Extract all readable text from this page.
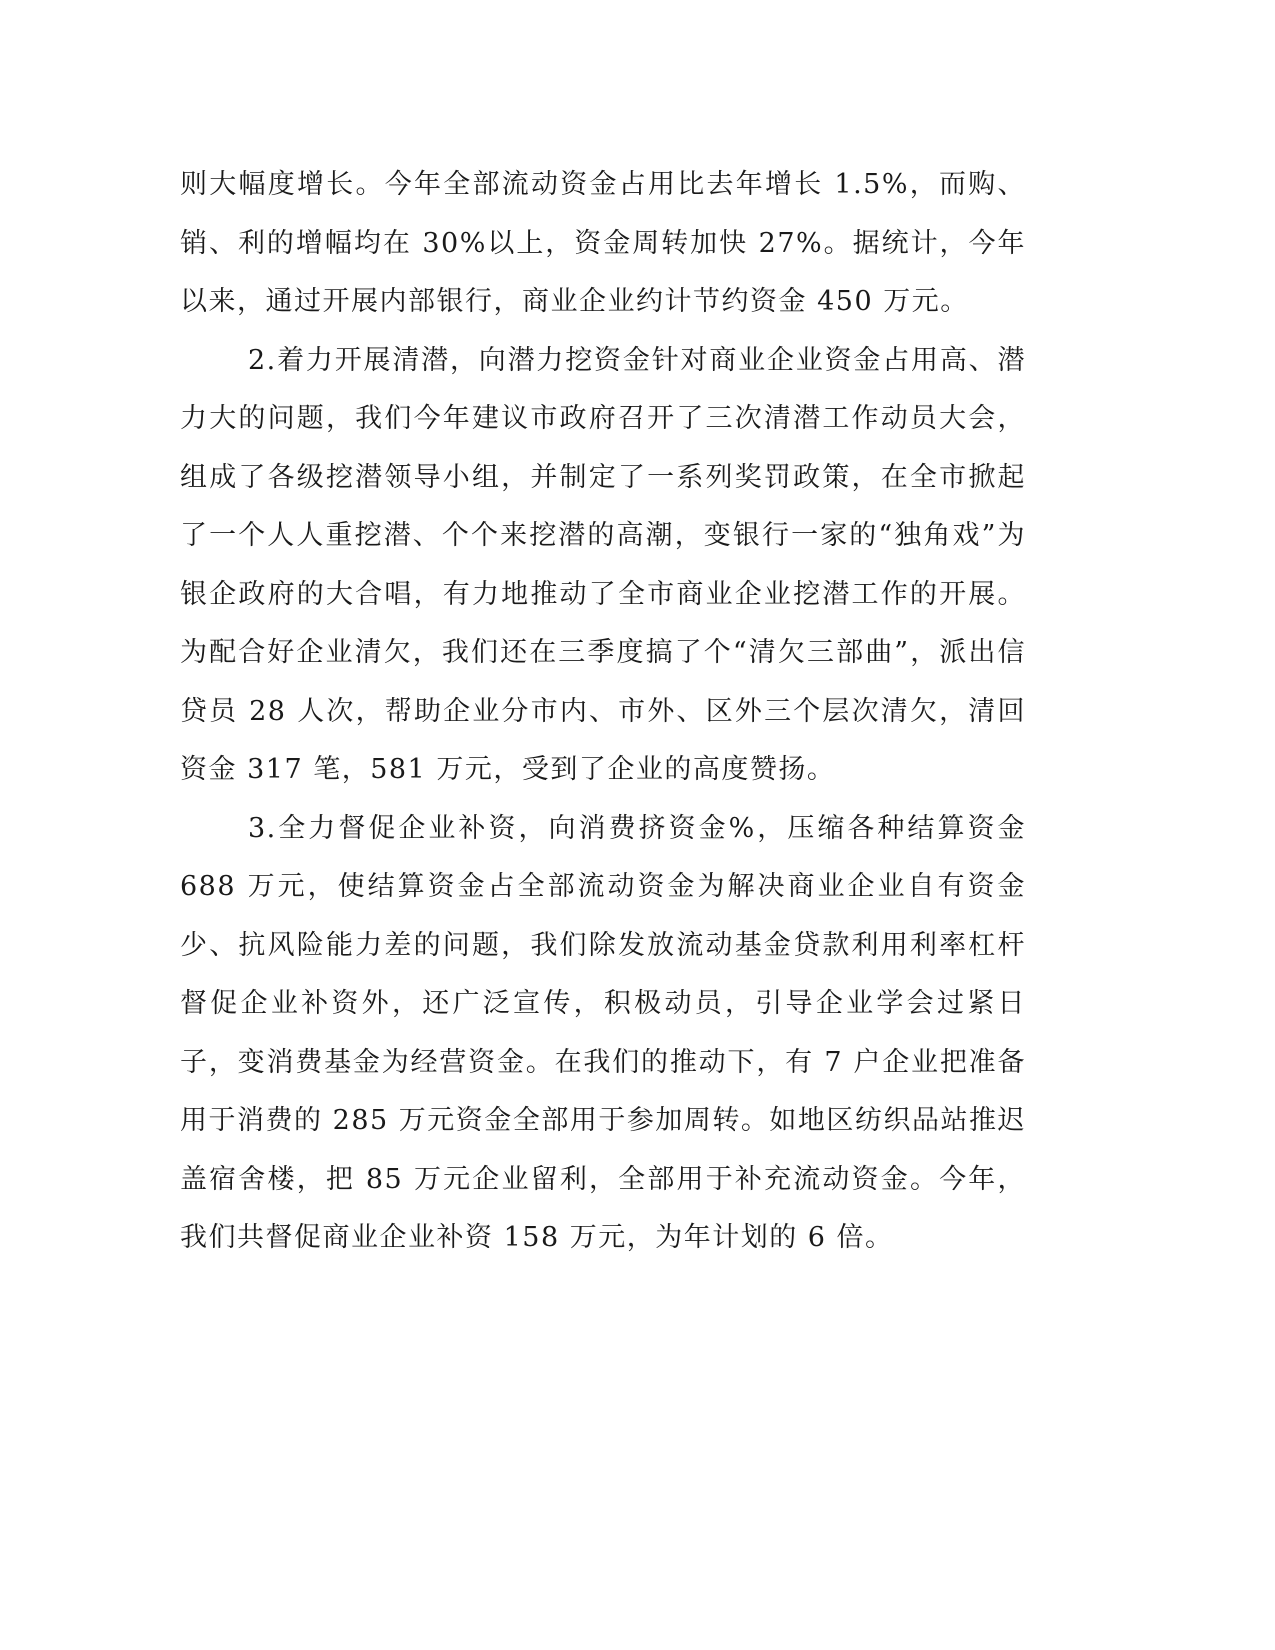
则大幅度增长。今年全部流动资金占用比去年增长 1.5%，而购、销、利的增幅均在 30%以上，资金周转加快 27%。据统计，今年以来，通过开展内部银行，商业企业约计节约资金 450 万元。

2.着力开展清潜，向潜力挖资金针对商业企业资金占用高、潜力大的问题，我们今年建议市政府召开了三次清潜工作动员大会，组成了各级挖潜领导小组，并制定了一系列奖罚政策，在全市掀起了一个人人重挖潜、个个来挖潜的高潮，变银行一家的“独角戏”为银企政府的大合唱，有力地推动了全市商业企业挖潜工作的开展。为配合好企业清欠，我们还在三季度搞了个“清欠三部曲”，派出信贷员 28 人次，帮助企业分市内、市外、区外三个层次清欠，清回资金 317 笔，581 万元，受到了企业的高度赞扬。

3.全力督促企业补资，向消费挤资金%，压缩各种结算资金 688 万元，使结算资金占全部流动资金为解决商业企业自有资金少、抗风险能力差的问题，我们除发放流动基金贷款利用利率杠杆督促企业补资外，还广泛宣传，积极动员，引导企业学会过紧日子，变消费基金为经营资金。在我们的推动下，有 7 户企业把准备用于消费的 285 万元资金全部用于参加周转。如地区纺织品站推迟盖宿舍楼，把 85 万元企业留利，全部用于补充流动资金。今年，我们共督促商业企业补资 158 万元，为年计划的 6 倍。
